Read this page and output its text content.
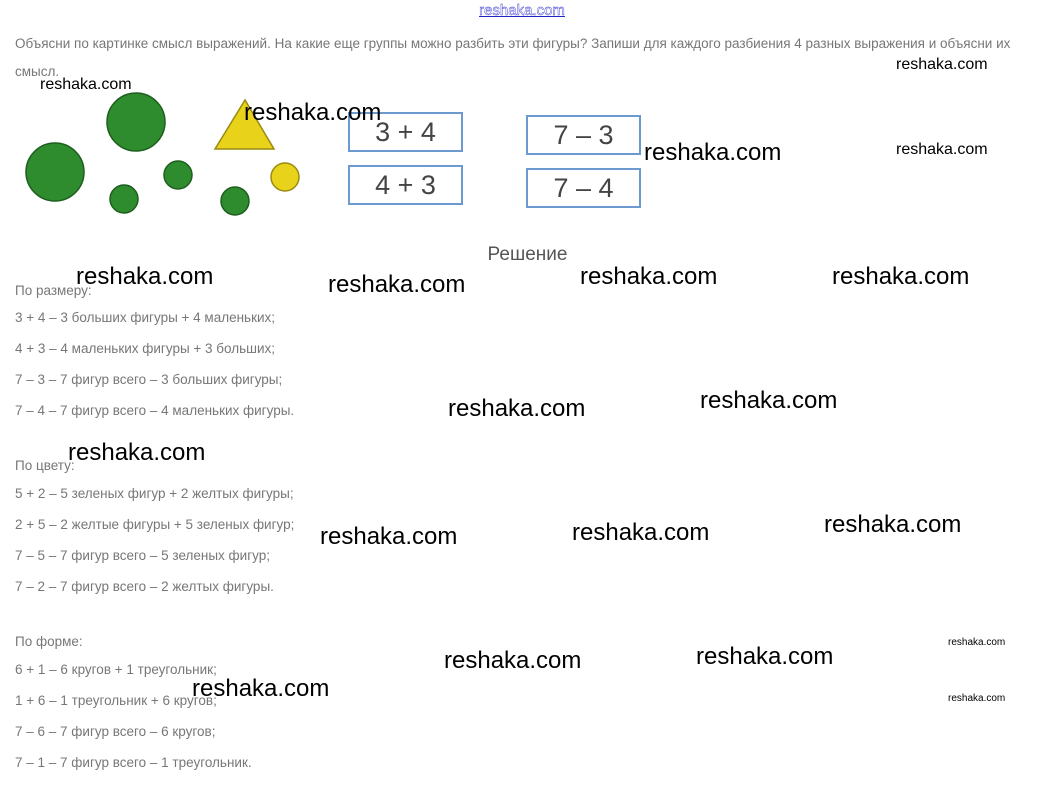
reshaka.com
Объясни по картинке смысл выражений. На какие еще группы можно разбить эти фигуры? Запиши для каждого разбиения 4 разных выражения и объясни их смысл.
3 + 4
4 + 3
7 – 3
7 – 4
Решение
По размеру:
3 + 4 – 3 больших фигуры + 4 маленьких;
4 + 3 – 4 маленьких фигуры + 3 больших;
7 – 3 – 7 фигур всего – 3 больших фигуры;
7 – 4 – 7 фигур всего – 4 маленьких фигуры.
По цвету:
5 + 2 – 5 зеленых фигур + 2 желтых фигуры;
2 + 5 – 2 желтые фигуры + 5 зеленых фигур;
7 – 5 – 7 фигур всего – 5 зеленых фигур;
7 – 2 – 7 фигур всего – 2 желтых фигуры.
По форме:
6 + 1 – 6 кругов + 1 треугольник;
1 + 6 – 1 треугольник + 6 кругов;
7 – 6 – 7 фигур всего – 6 кругов;
7 – 1 – 7 фигур всего – 1 треугольник.
reshaka.com
reshaka.com
reshaka.com
reshaka.com
reshaka.com
reshaka.com	reshaka.com	reshaka.com	reshaka.com
reshaka.com	reshaka.com
reshaka.com
reshaka.com	reshaka.com	reshaka.com
reshaka.com	reshaka.com
reshaka.com
reshaka.com
reshaka.com
